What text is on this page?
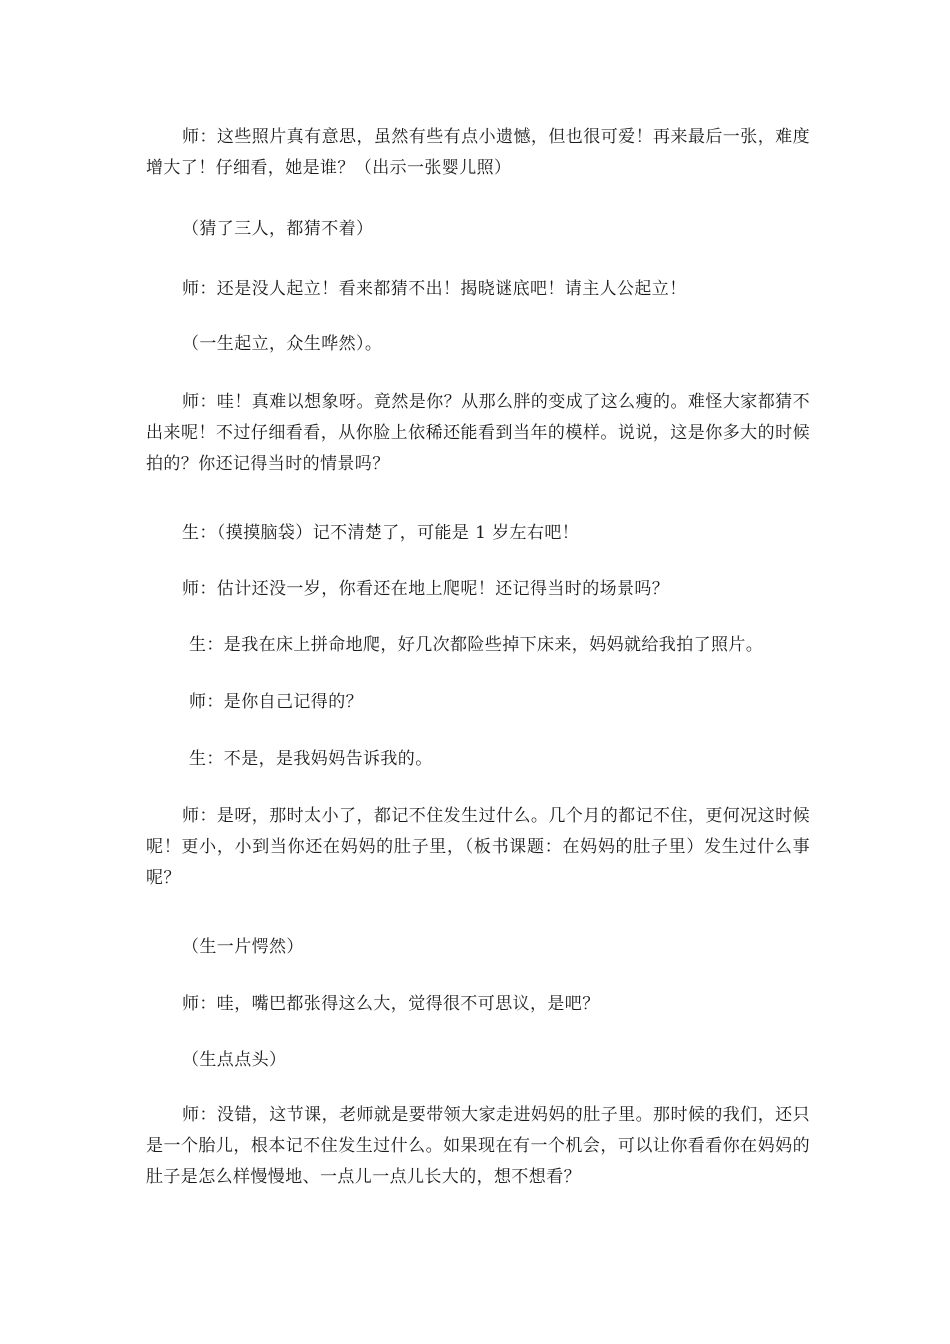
师：这些照片真有意思，虽然有些有点小遗憾，但也很可爱！再来最后一张，难度增大了！仔细看，她是谁？（出示一张婴儿照）

（猜了三人，都猜不着）

师：还是没人起立！看来都猜不出！揭晓谜底吧！请主人公起立！

（一生起立，众生哗然）。

师：哇！真难以想象呀。竟然是你？从那么胖的变成了这么瘦的。难怪大家都猜不出来呢！不过仔细看看，从你脸上依稀还能看到当年的模样。说说，这是你多大的时候拍的？你还记得当时的情景吗？

生：（摸摸脑袋）记不清楚了，可能是 1 岁左右吧！

师：估计还没一岁，你看还在地上爬呢！还记得当时的场景吗？

生：是我在床上拼命地爬，好几次都险些掉下床来，妈妈就给我拍了照片。

师：是你自己记得的？

生：不是，是我妈妈告诉我的。

师：是呀，那时太小了，都记不住发生过什么。几个月的都记不住，更何况这时候呢！更小，小到当你还在妈妈的肚子里，（板书课题：在妈妈的肚子里）发生过什么事呢？

（生一片愕然）

师：哇，嘴巴都张得这么大，觉得很不可思议，是吧？

（生点点头）

师：没错，这节课，老师就是要带领大家走进妈妈的肚子里。那时候的我们，还只是一个胎儿，根本记不住发生过什么。如果现在有一个机会，可以让你看看你在妈妈的肚子是怎么样慢慢地、一点儿一点儿长大的，想不想看？
